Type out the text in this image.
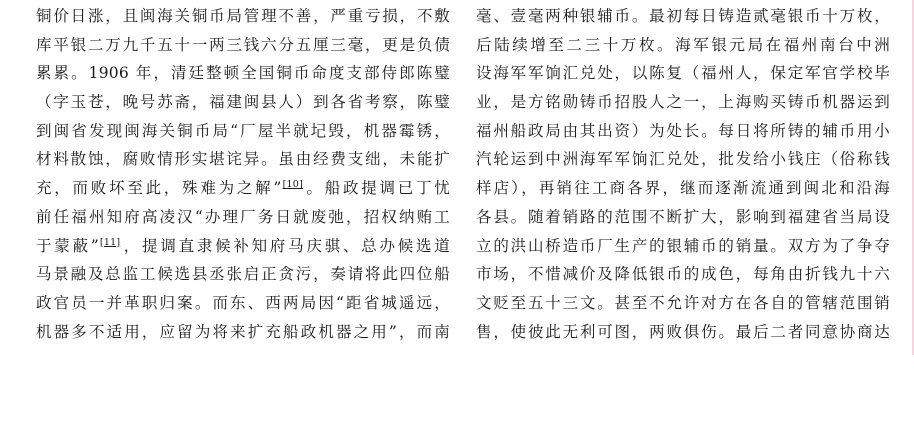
铜价日涨，且闽海关铜币局管理不善，严重亏损，不敷
库平银二万九千五十一两三钱六分五厘三毫，更是负债
累累。1906 年，清廷整顿全国铜币命度支部侍郎陈璧
（字玉苍，晚号苏斋，福建闽县人）到各省考察，陈璧
到闽省发现闽海关铜币局“厂屋半就圮毁，机器霉锈，
材料散蚀，腐败情形实堪诧异。虽由经费支绌，未能扩
充，而败坏至此，殊难为之解”[10]。船政提调已丁忧
前任福州知府高凌汉“办理厂务日就废弛，招权纳贿工
于蒙蔽”[11]，提调直隶候补知府马庆骐、总办候选道
马景融及总监工候选县丞张启正贪污，奏请将此四位船
政官员一并革职归案。而东、西两局因“距省城遥远，
机器多不适用，应留为将来扩充船政机器之用”，而南
毫、壹毫两种银辅币。最初每日铸造贰毫银币十万枚，
后陆续增至二三十万枚。海军银元局在福州南台中洲
设海军军饷汇兑处，以陈复（福州人，保定军官学校毕
业，是方铭勋铸币招股人之一，上海购买铸币机器运到
福州船政局由其出资）为处长。每日将所铸的辅币用小
汽轮运到中洲海军军饷汇兑处，批发给小钱庄（俗称钱
样店），再销往工商各界，继而逐渐流通到闽北和沿海
各县。随着销路的范围不断扩大，影响到福建省当局设
立的洪山桥造币厂生产的银辅币的销量。双方为了争夺
市场，不惜减价及降低银币的成色，每角由折钱九十六
文贬至五十三文。甚至不允许对方在各自的管辖范围销
售，使彼此无利可图，两败俱伤。最后二者同意协商达
